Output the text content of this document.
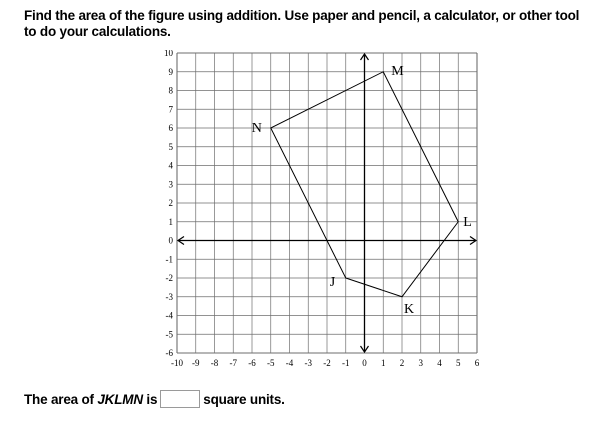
Find the area of the figure using addition. Use paper and pencil, a calculator, or other tool to do your calculations.

-10 -9 -8 -7 -6 -5 -4 -3 -2 -1 0 1 2 3 4 5 6
10
9
8
7
6
5
4
3
2
1
0
-1
-2
-3
-4
-5
-6
J
K
L
M
N
The area of JKLMN is	square units.
